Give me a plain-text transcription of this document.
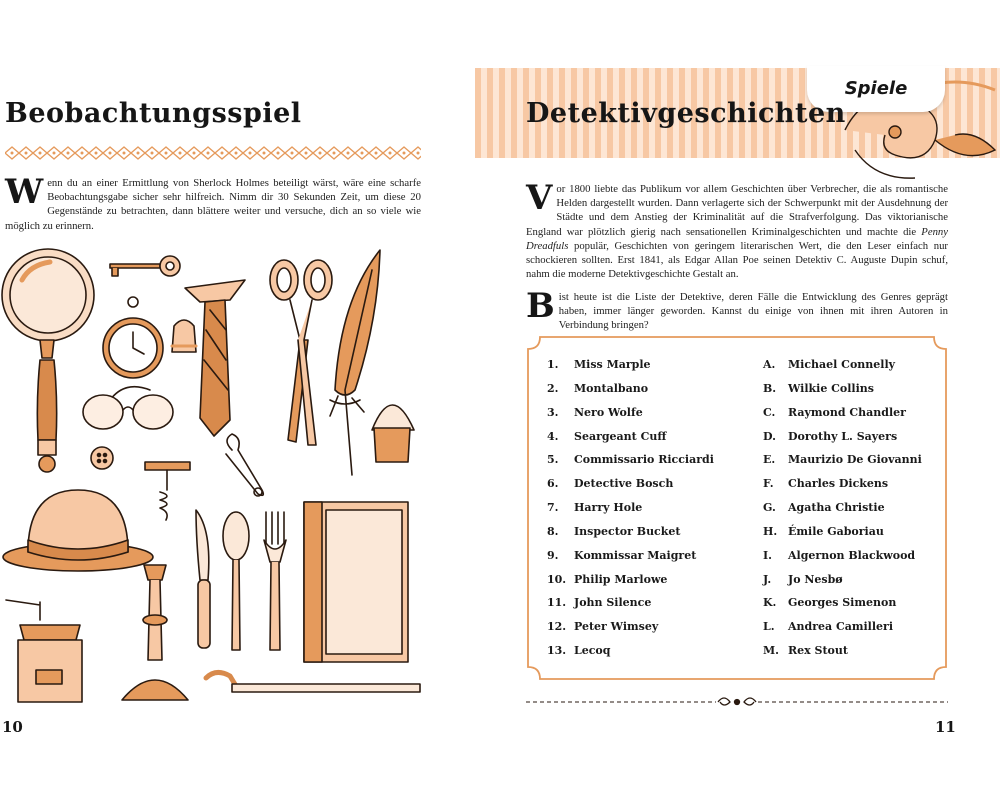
Beobachtungsspiel

Wenn du an einer Ermittlung von Sherlock Holmes beteiligt wärst, wäre eine scharfe Beobachtungsgabe sicher sehr hilfreich. Nimm dir 30 Sekunden Zeit, um diese 20 Gegenstände zu betrachten, dann blättere weiter und versuche, dich an so viele wie möglich zu erinnern.

10

Spiele
Detektivgeschichten

Vor 1800 liebte das Publikum vor allem Geschichten über Verbrecher, die als romantische Helden dargestellt wurden. Dann verlagerte sich der Schwerpunkt mit der Ausdehnung der Städte und dem Anstieg der Kriminalität auf die Strafverfolgung. Das viktorianische England war plötzlich gierig nach sensationellen Kriminalgeschichten und machte die Penny Dreadfuls populär, Geschichten von geringem literarischen Wert, die den Leser einfach nur schockieren sollten. Erst 1841, als Edgar Allan Poe seinen Detektiv C. Auguste Dupin schuf, nahm die moderne Detektivgeschichte Gestalt an.

Bist heute ist die Liste der Detektive, deren Fälle die Entwicklung des Genres geprägt haben, immer länger geworden. Kannst du einige von ihnen mit ihren Autoren in Verbindung bringen?

1. Miss Marple
2. Montalbano
3. Nero Wolfe
4. Seargeant Cuff
5. Commissario Ricciardi
6. Detective Bosch
7. Harry Hole
8. Inspector Bucket
9. Kommissar Maigret
10. Philip Marlowe
11. John Silence
12. Peter Wimsey
13. Lecoq
A. Michael Connelly
B. Wilkie Collins
C. Raymond Chandler
D. Dorothy L. Sayers
E. Maurizio De Giovanni
F. Charles Dickens
G. Agatha Christie
H. Émile Gaboriau
I. Algernon Blackwood
J. Jo Nesbø
K. Georges Simenon
L. Andrea Camilleri
M. Rex Stout

11
